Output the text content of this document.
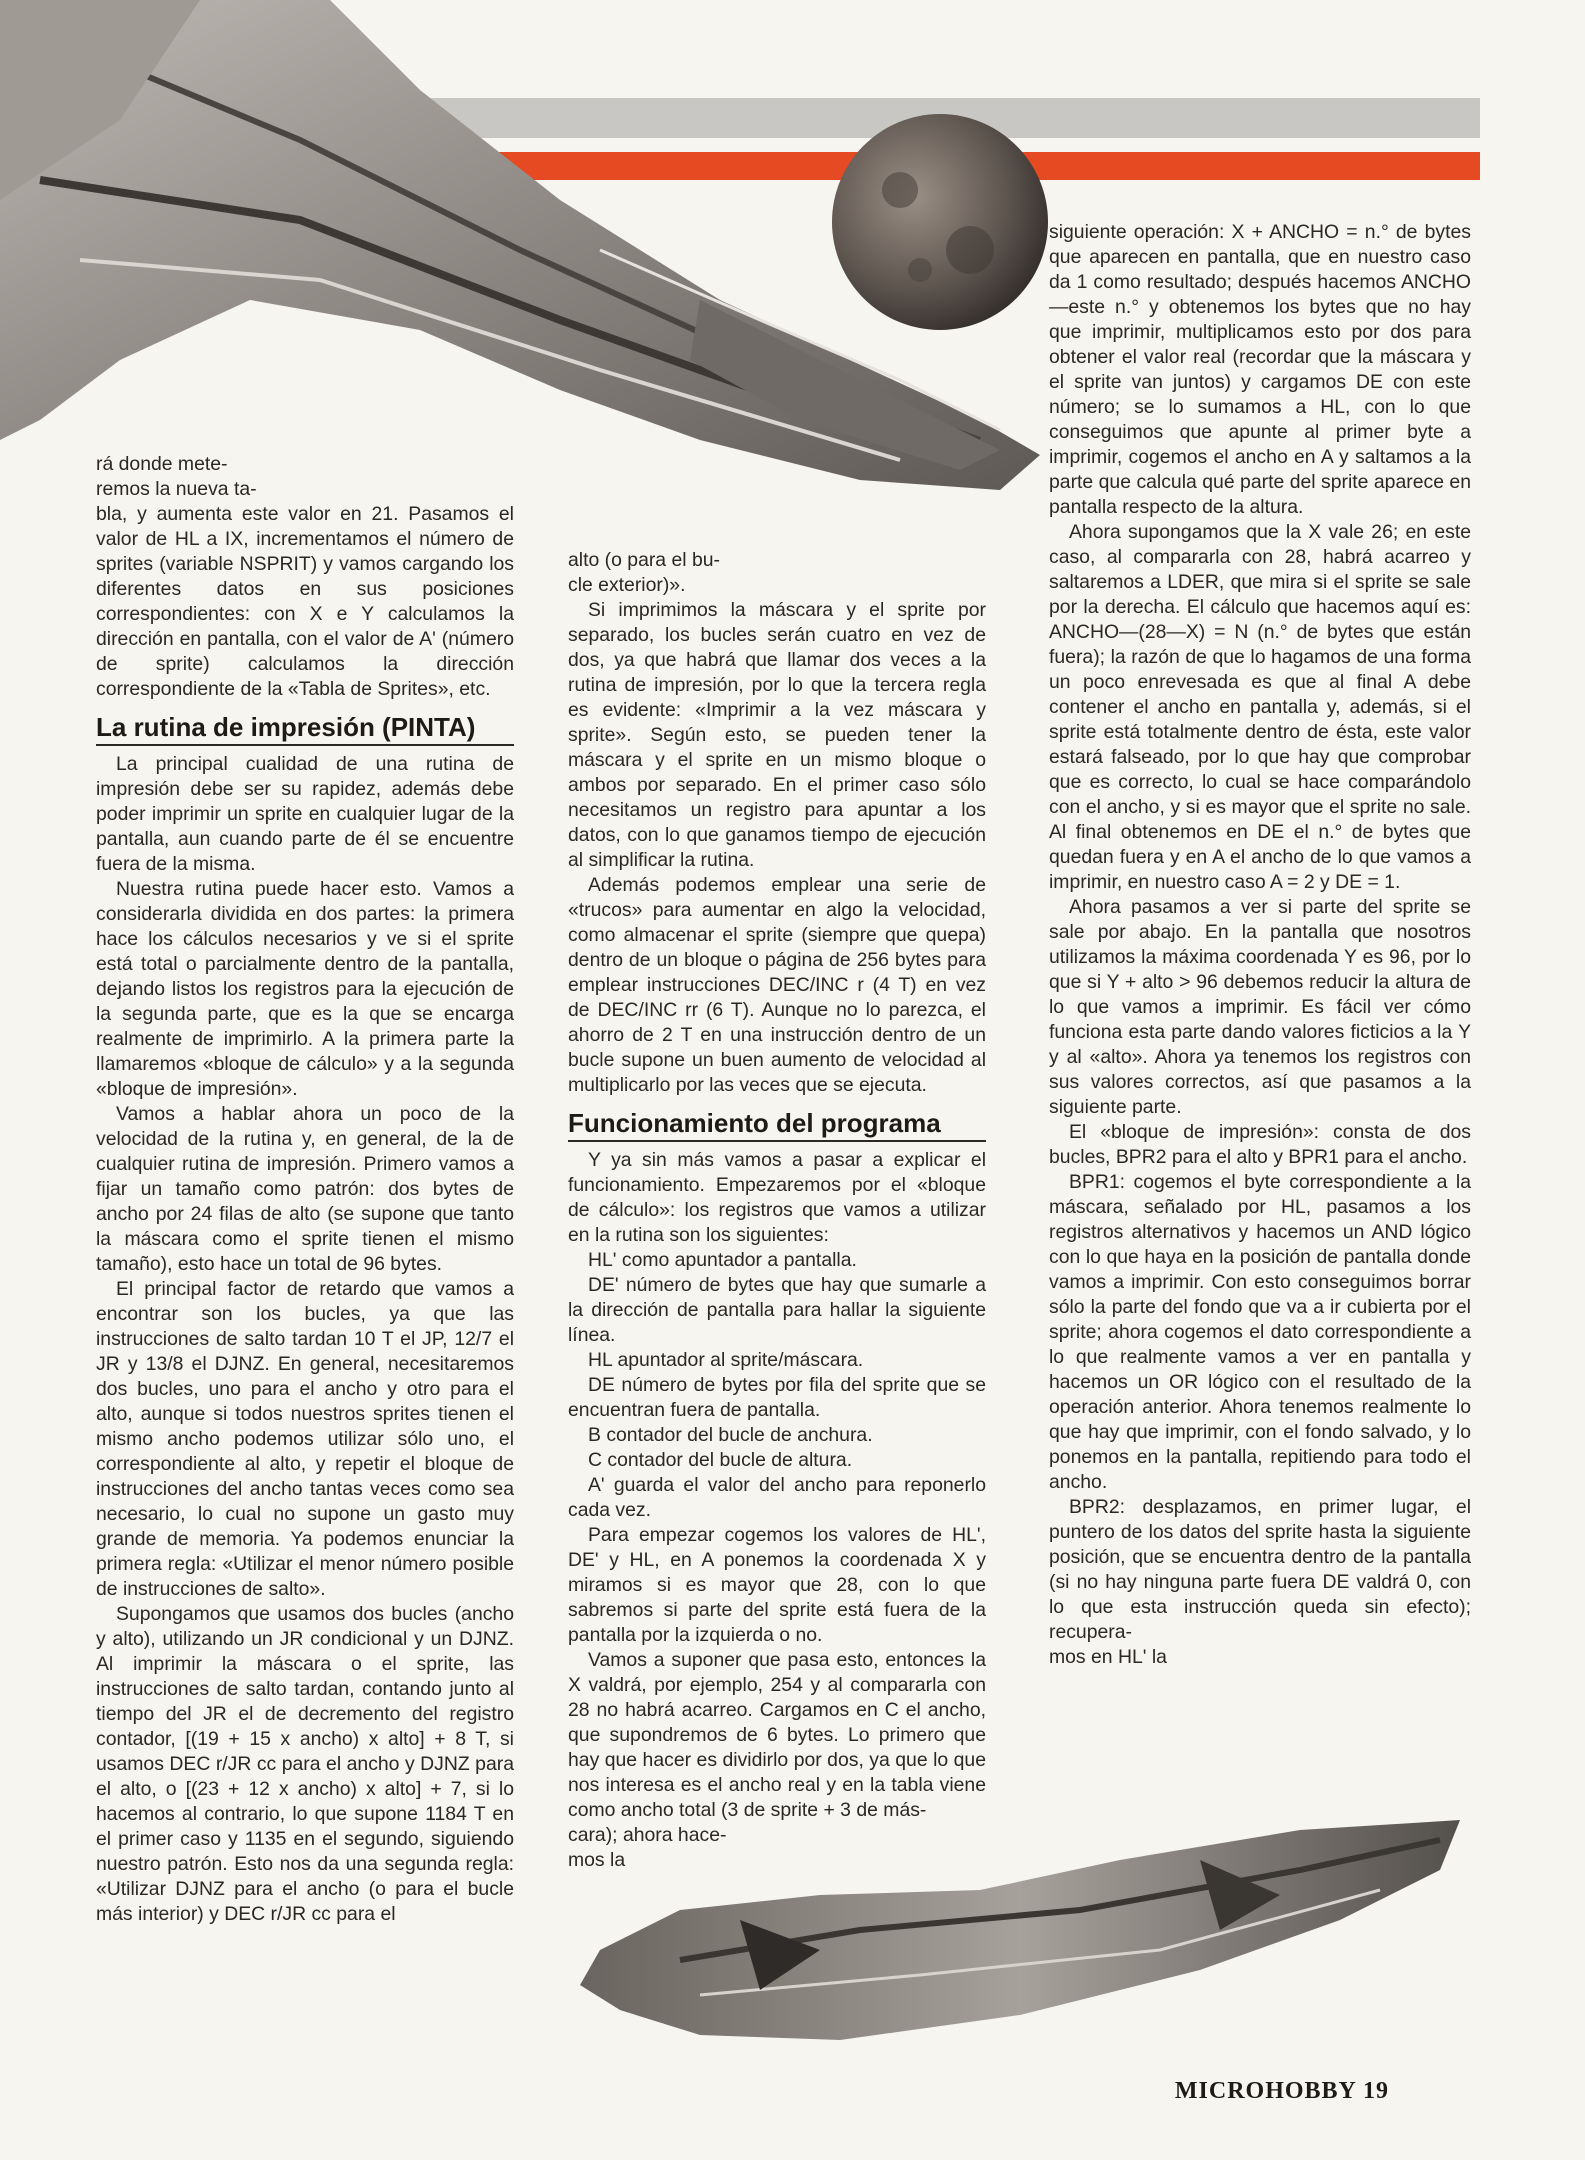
rá donde mete-
remos la nueva ta-
bla, y aumenta este valor en 21. Pasamos el valor de HL a IX, incrementamos el número de sprites (variable NSPRIT) y vamos cargando los diferentes datos en sus posiciones correspondientes: con X e Y calculamos la dirección en pantalla, con el valor de A' (número de sprite) calculamos la dirección correspondiente de la «Tabla de Sprites», etc.

La rutina de impresión (PINTA)

La principal cualidad de una rutina de impresión debe ser su rapidez, además debe poder imprimir un sprite en cualquier lugar de la pantalla, aun cuando parte de él se encuentre fuera de la misma.

Nuestra rutina puede hacer esto. Vamos a considerarla dividida en dos partes: la primera hace los cálculos necesarios y ve si el sprite está total o parcialmente dentro de la pantalla, dejando listos los registros para la ejecución de la segunda parte, que es la que se encarga realmente de imprimirlo. A la primera parte la llamaremos «bloque de cálculo» y a la segunda «bloque de impresión».

Vamos a hablar ahora un poco de la velocidad de la rutina y, en general, de la de cualquier rutina de impresión. Primero vamos a fijar un tamaño como patrón: dos bytes de ancho por 24 filas de alto (se supone que tanto la máscara como el sprite tienen el mismo tamaño), esto hace un total de 96 bytes.

El principal factor de retardo que vamos a encontrar son los bucles, ya que las instrucciones de salto tardan 10 T el JP, 12/7 el JR y 13/8 el DJNZ. En general, necesitaremos dos bucles, uno para el ancho y otro para el alto, aunque si todos nuestros sprites tienen el mismo ancho podemos utilizar sólo uno, el correspondiente al alto, y repetir el bloque de instrucciones del ancho tantas veces como sea necesario, lo cual no supone un gasto muy grande de memoria. Ya podemos enunciar la primera regla: «Utilizar el menor número posible de instrucciones de salto».

Supongamos que usamos dos bucles (ancho y alto), utilizando un JR condicional y un DJNZ. Al imprimir la máscara o el sprite, las instrucciones de salto tardan, contando junto al tiempo del JR el de decremento del registro contador, [(19 + 15 x ancho) x alto] + 8 T, si usamos DEC r/JR cc para el ancho y DJNZ para el alto, o [(23 + 12 x ancho) x alto] + 7, si lo hacemos al contrario, lo que supone 1184 T en el primer caso y 1135 en el segundo, siguiendo nuestro patrón. Esto nos da una segunda regla: «Utilizar DJNZ para el ancho (o para el bucle más interior) y DEC r/JR cc para el

alto (o para el bu-
cle exterior)».

Si imprimimos la máscara y el sprite por separado, los bucles serán cuatro en vez de dos, ya que habrá que llamar dos veces a la rutina de impresión, por lo que la tercera regla es evidente: «Imprimir a la vez máscara y sprite». Según esto, se pueden tener la máscara y el sprite en un mismo bloque o ambos por separado. En el primer caso sólo necesitamos un registro para apuntar a los datos, con lo que ganamos tiempo de ejecución al simplificar la rutina.

Además podemos emplear una serie de «trucos» para aumentar en algo la velocidad, como almacenar el sprite (siempre que quepa) dentro de un bloque o página de 256 bytes para emplear instrucciones DEC/INC r (4 T) en vez de DEC/INC rr (6 T). Aunque no lo parezca, el ahorro de 2 T en una instrucción dentro de un bucle supone un buen aumento de velocidad al multiplicarlo por las veces que se ejecuta.

Funcionamiento del programa

Y ya sin más vamos a pasar a explicar el funcionamiento. Empezaremos por el «bloque de cálculo»: los registros que vamos a utilizar en la rutina son los siguientes:

HL' como apuntador a pantalla.

DE' número de bytes que hay que sumarle a la dirección de pantalla para hallar la siguiente línea.

HL apuntador al sprite/máscara.

DE número de bytes por fila del sprite que se encuentran fuera de pantalla.

B contador del bucle de anchura.

C contador del bucle de altura.

A' guarda el valor del ancho para reponerlo cada vez.

Para empezar cogemos los valores de HL', DE' y HL, en A ponemos la coordenada X y miramos si es mayor que 28, con lo que sabremos si parte del sprite está fuera de la pantalla por la izquierda o no.

Vamos a suponer que pasa esto, entonces la X valdrá, por ejemplo, 254 y al compararla con 28 no habrá acarreo. Cargamos en C el ancho, que supondremos de 6 bytes. Lo primero que hay que hacer es dividirlo por dos, ya que lo que nos interesa es el ancho real y en la tabla viene como ancho total (3 de sprite + 3 de más-

cara); ahora hace-
mos la

siguiente operación: X + ANCHO = n.° de bytes que aparecen en pantalla, que en nuestro caso da 1 como resultado; después hacemos ANCHO—este n.° y obtenemos los bytes que no hay que imprimir, multiplicamos esto por dos para obtener el valor real (recordar que la máscara y el sprite van juntos) y cargamos DE con este número; se lo sumamos a HL, con lo que conseguimos que apunte al primer byte a imprimir, cogemos el ancho en A y saltamos a la parte que calcula qué parte del sprite aparece en pantalla respecto de la altura.

Ahora supongamos que la X vale 26; en este caso, al compararla con 28, habrá acarreo y saltaremos a LDER, que mira si el sprite se sale por la derecha. El cálculo que hacemos aquí es: ANCHO—(28—X) = N (n.° de bytes que están fuera); la razón de que lo hagamos de una forma un poco enrevesada es que al final A debe contener el ancho en pantalla y, además, si el sprite está totalmente dentro de ésta, este valor estará falseado, por lo que hay que comprobar que es correcto, lo cual se hace comparándolo con el ancho, y si es mayor que el sprite no sale. Al final obtenemos en DE el n.° de bytes que quedan fuera y en A el ancho de lo que vamos a imprimir, en nuestro caso A = 2 y DE = 1.

Ahora pasamos a ver si parte del sprite se sale por abajo. En la pantalla que nosotros utilizamos la máxima coordenada Y es 96, por lo que si Y + alto > 96 debemos reducir la altura de lo que vamos a imprimir. Es fácil ver cómo funciona esta parte dando valores ficticios a la Y y al «alto». Ahora ya tenemos los registros con sus valores correctos, así que pasamos a la siguiente parte.

El «bloque de impresión»: consta de dos bucles, BPR2 para el alto y BPR1 para el ancho.

BPR1: cogemos el byte correspondiente a la máscara, señalado por HL, pasamos a los registros alternativos y hacemos un AND lógico con lo que haya en la posición de pantalla donde vamos a imprimir. Con esto conseguimos borrar sólo la parte del fondo que va a ir cubierta por el sprite; ahora cogemos el dato correspondiente a lo que realmente vamos a ver en pantalla y hacemos un OR lógico con el resultado de la operación anterior. Ahora tenemos realmente lo que hay que imprimir, con el fondo salvado, y lo ponemos en la pantalla, repitiendo para todo el ancho.

BPR2: desplazamos, en primer lugar, el puntero de los datos del sprite hasta la siguiente posición, que se encuentra dentro de la pantalla (si no hay ninguna parte fuera DE valdrá 0, con lo que esta instrucción queda sin efecto); recupera-
mos en HL' la

MICROHOBBY 19
